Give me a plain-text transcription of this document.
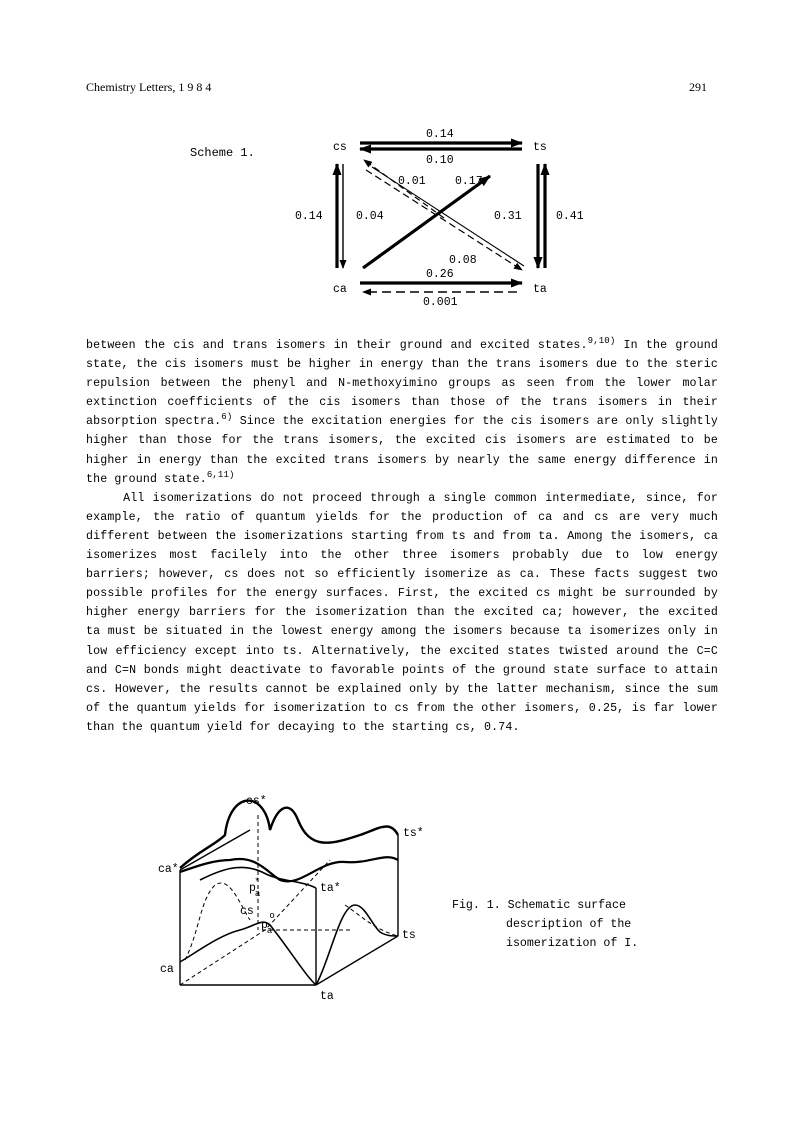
Chemistry Letters, 1 9 8 4	291
Scheme 1.	cs	ts
ca	ta
0.14
0.10
0.26
0.001
0.14	0.04	0.31	0.41
0.01	0.17
0.08

between the cis and trans isomers in their ground and excited states.$^{9,10)}$ In the ground state, the cis isomers must be higher in energy than the trans isomers due to the steric repulsion between the phenyl and N-methoxyimino groups as seen from the lower molar extinction coefficients of the cis isomers than those of the trans isomers in their absorption spectra.$^{6)}$ Since the excitation energies for the cis isomers are only slightly higher than those for the trans isomers, the excited cis isomers are estimated to be higher in energy than the excited trans isomers by nearly the same energy difference in the ground state.$^{6,11)}$

All isomerizations do not proceed through a single common intermediate, since, for example, the ratio of quantum yields for the production of ca and cs are very much different between the isomerizations starting from ts and from ta. Among the isomers, ca isomerizes most facilely into the other three isomers probably due to low energy barriers; however, cs does not so efficiently isomerize as ca. These facts suggest two possible profiles for the energy surfaces. First, the excited cs might be surrounded by higher energy barriers for the isomerization than the excited ca; however, the excited ta must be situated in the lowest energy among the isomers because ta isomerizes only in low efficiency except into ts. Alternatively, the excited states twisted around the C=C and C=N bonds might deactivate to favorable points of the ground state surface to attain cs. However, the results cannot be explained only by the latter mechanism, since the sum of the quantum yields for isomerization to cs from the other isomers, 0.25, is far lower than the quantum yield for decaying to the starting cs, 0.74.

cs*
ts*
ca*
ta*
pa*
cs
pao
ts
ca
ta
Fig. 1. Schematic surface
description of the
isomerization of I.
